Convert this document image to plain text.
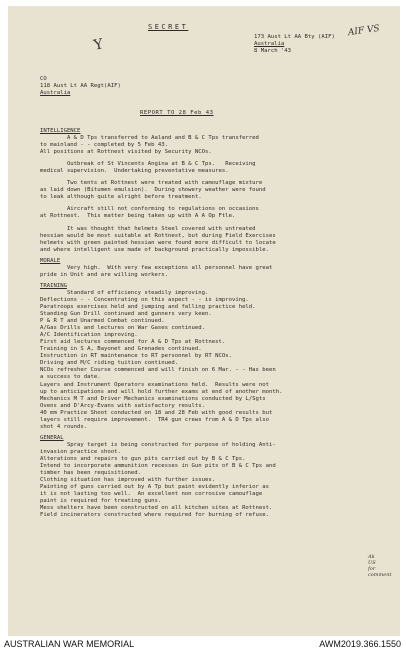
SECRET
Y
AIF VS
173 Aust Lt AA Bty (AIF)
Australia
8 March '43
CO
118 Aust Lt AA Regt(AIF)
Australia
REPORT TO 28 Feb 43
INTELLIGENCE
A & D Tps transferred to Aaland and B & C Tps transferred
to mainland - - completed by 5 Feb 43.
All positions at Rottnest visited by Security NCOs.
Outbreak of St Vincents Angina at B & C Tps.   Receiving
medical supervision.  Undertaking preventative measures.
Two tents at Rottnest were treated with camouflage mixture
as laid down (Bitumen emulsion).  During showery weather were found
to leak although quite alright before treatment.
Aircraft still not conforming to regulations on occasions
at Rottnest.  This matter being taken up with A A Op Ftle.
It was thought that helmets Steel covered with untreated
hessian would be most suitable at Rottnest, but during Field Exercises
helmets with green painted hessian were found more difficult to locate
and where intelligent use made of background practically impossible.
MORALE
Very high.  With very few exceptions all personnel have great
pride in Unit and are willing workers.
TRAINING
Standard of efficiency steadily improving.
Deflections - - Concentrating on this aspect - - is improving.
Paratroops exercises held and jumping and falling practice held.
Standing Gun Drill continued and gunners very keen.
P & R T and Unarmed Combat continued.
A/Gas Drills and lectures on War Gases continued.
A/C Identification improving.
First aid lectures commenced for A & D Tps at Rottnest.
Training in S A, Bayonet and Grenades continued.
Instruction in RT maintenance to RT personnel by RT NCOs.
Driving and M/C riding tuition continued.
NCOs refresher Course commenced and will finish on 6 Mar. - - Has been
a success to date.
Layers and Instrument Operators examinations held.  Results were not
up to anticipations and will hold further exams at end of another month.
Mechanics M T and Driver Mechanics examinations conducted by L/Sgts
Ovens and D'Arcy-Evans with satisfactory results.
40 mm Practice Shoot conducted on 18 and 28 Feb with good results but
layers still require improvement.  TR4 gun crews from A & D Tps also
shot 4 rounds.
GENERAL
Spray target is being constructed for purpose of holding Anti-
invasion practice shoot.
Alterations and repairs to gun pits carried out by B & C Tps.
Intend to incorporate ammunition recesses in Gun pits of B & C Tps and
timber has been requisitioned.
Clothing situation has improved with further issues.
Painting of guns carried out by A Tp but paint evidently inferior as
it is not lasting too well.  An excellent non corrosive camouflage
paint is required for treating guns.
Mess shelters have been constructed on all kitchen sites at Rottnest.
Field incinerators constructed where required for burning of refuse.
Ak
US
for
comment
AUSTRALIAN WAR MEMORIAL	AWM2019.366.1550
